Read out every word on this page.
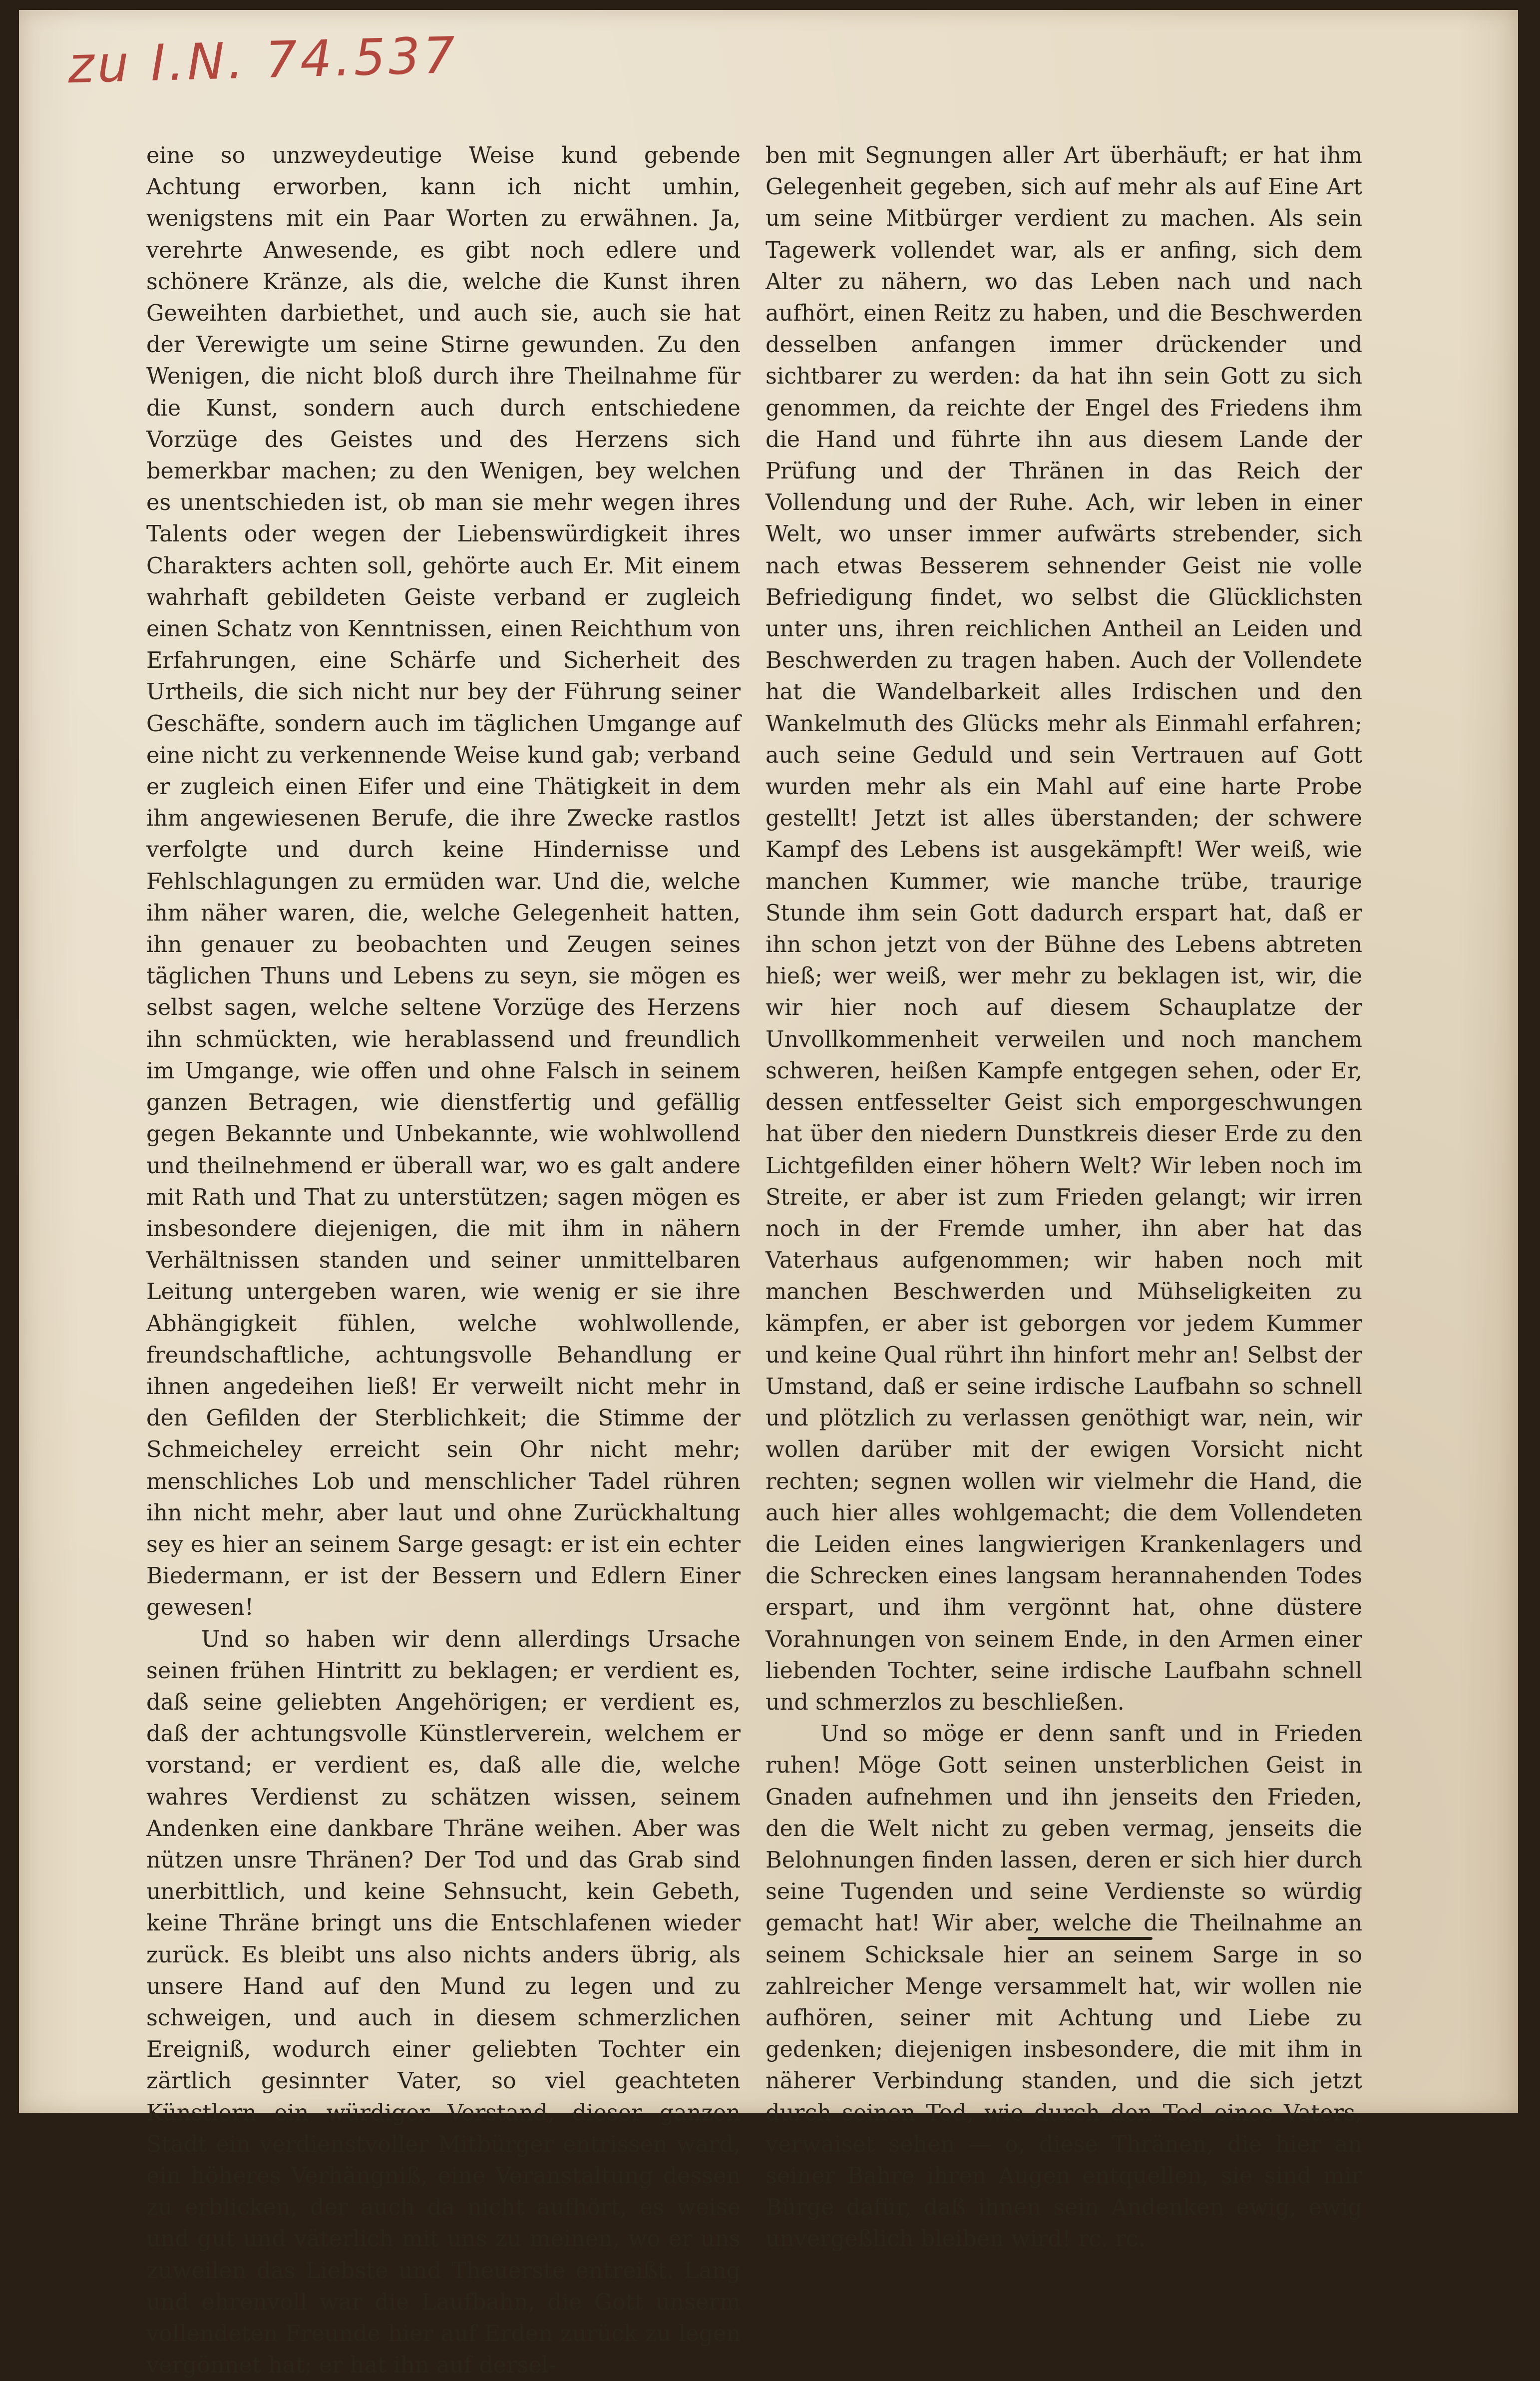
zu I.N. 74.537

eine so unzweydeutige Weise kund gebende Achtung erworben, kann ich nicht umhin, wenigstens mit ein Paar Worten zu erwähnen. Ja, verehrte Anwesende, es gibt noch edlere und schönere Kränze, als die, welche die Kunst ihren Geweihten darbiethet, und auch sie, auch sie hat der Verewigte um seine Stirne gewunden. Zu den Wenigen, die nicht bloß durch ihre Theilnahme für die Kunst, sondern auch durch entschiedene Vorzüge des Geistes und des Herzens sich bemerkbar machen; zu den Wenigen, bey welchen es unentschieden ist, ob man sie mehr wegen ihres Talents oder wegen der Liebenswürdigkeit ihres Charakters achten soll, gehörte auch Er. Mit einem wahrhaft gebildeten Geiste verband er zugleich einen Schatz von Kenntnissen, einen Reichthum von Erfahrungen, eine Schärfe und Sicherheit des Urtheils, die sich nicht nur bey der Führung seiner Geschäfte, sondern auch im täglichen Umgange auf eine nicht zu verkennende Weise kund gab; verband er zugleich einen Eifer und eine Thätigkeit in dem ihm angewiesenen Berufe, die ihre Zwecke rastlos verfolgte und durch keine Hindernisse und Fehlschlagungen zu ermüden war. Und die, welche ihm näher waren, die, welche Gelegenheit hatten, ihn genauer zu beobachten und Zeugen seines täglichen Thuns und Lebens zu seyn, sie mögen es selbst sagen, welche seltene Vorzüge des Herzens ihn schmückten, wie herablassend und freundlich im Umgange, wie offen und ohne Falsch in seinem ganzen Betragen, wie dienstfertig und gefällig gegen Bekannte und Unbekannte, wie wohlwollend und theilnehmend er überall war, wo es galt andere mit Rath und That zu unterstützen; sagen mögen es insbesondere diejenigen, die mit ihm in nähern Verhältnissen standen und seiner unmittelbaren Leitung untergeben waren, wie wenig er sie ihre Abhängigkeit fühlen, welche wohlwollende, freundschaftliche, achtungsvolle Behandlung er ihnen angedeihen ließ! Er verweilt nicht mehr in den Gefilden der Sterblichkeit; die Stimme der Schmeicheley erreicht sein Ohr nicht mehr; menschliches Lob und menschlicher Tadel rühren ihn nicht mehr, aber laut und ohne Zurückhaltung sey es hier an seinem Sarge gesagt: er ist ein echter Biedermann, er ist der Bessern und Edlern Einer gewesen!

Und so haben wir denn allerdings Ursache seinen frühen Hintritt zu beklagen; er verdient es, daß seine geliebten Angehörigen; er verdient es, daß der achtungsvolle Künstlerverein, welchem er vorstand; er verdient es, daß alle die, welche wahres Verdienst zu schätzen wissen, seinem Andenken eine dankbare Thräne weihen. Aber was nützen unsre Thränen? Der Tod und das Grab sind unerbittlich, und keine Sehnsucht, kein Gebeth, keine Thräne bringt uns die Entschlafenen wieder zurück. Es bleibt uns also nichts anders übrig, als unsere Hand auf den Mund zu legen und zu schweigen, und auch in diesem schmerzlichen Ereigniß, wodurch einer geliebten Tochter ein zärtlich gesinnter Vater, so viel geachteten Künstlern ein würdiger Vorstand, dieser ganzen Stadt ein verdienstvoller Mitbürger entrissen ward, ein höheres Verhängniß, eine Veranstaltung dessen zu erblicken, der auch da nicht aufhört, es weise und gut und väterlich mit uns zu meinen, wo er uns zuweilen das Liebste und Theuerste entreißt. Lang und ehrenvoll war die Laufbahn, die Gott unserm vollendeten Freunde hier auf Erden zurück zu legen vergönnet hat; er hat ihn auf dersel-

ben mit Segnungen aller Art überhäuft; er hat ihm Gelegenheit gegeben, sich auf mehr als auf Eine Art um seine Mitbürger verdient zu machen. Als sein Tagewerk vollendet war, als er anfing, sich dem Alter zu nähern, wo das Leben nach und nach aufhört, einen Reitz zu haben, und die Beschwerden desselben anfangen immer drückender und sichtbarer zu werden: da hat ihn sein Gott zu sich genommen, da reichte der Engel des Friedens ihm die Hand und führte ihn aus diesem Lande der Prüfung und der Thränen in das Reich der Vollendung und der Ruhe. Ach, wir leben in einer Welt, wo unser immer aufwärts strebender, sich nach etwas Besserem sehnender Geist nie volle Befriedigung findet, wo selbst die Glücklichsten unter uns, ihren reichlichen Antheil an Leiden und Beschwerden zu tragen haben. Auch der Vollendete hat die Wandelbarkeit alles Irdischen und den Wankelmuth des Glücks mehr als Einmahl erfahren; auch seine Geduld und sein Vertrauen auf Gott wurden mehr als ein Mahl auf eine harte Probe gestellt! Jetzt ist alles überstanden; der schwere Kampf des Lebens ist ausgekämpft! Wer weiß, wie manchen Kummer, wie manche trübe, traurige Stunde ihm sein Gott dadurch erspart hat, daß er ihn schon jetzt von der Bühne des Lebens abtreten hieß; wer weiß, wer mehr zu beklagen ist, wir, die wir hier noch auf diesem Schauplatze der Unvollkommenheit verweilen und noch manchem schweren, heißen Kampfe entgegen sehen, oder Er, dessen entfesselter Geist sich emporgeschwungen hat über den niedern Dunstkreis dieser Erde zu den Lichtgefilden einer höhern Welt? Wir leben noch im Streite, er aber ist zum Frieden gelangt; wir irren noch in der Fremde umher, ihn aber hat das Vaterhaus aufgenommen; wir haben noch mit manchen Beschwerden und Mühseligkeiten zu kämpfen, er aber ist geborgen vor jedem Kummer und keine Qual rührt ihn hinfort mehr an! Selbst der Umstand, daß er seine irdische Laufbahn so schnell und plötzlich zu verlassen genöthigt war, nein, wir wollen darüber mit der ewigen Vorsicht nicht rechten; segnen wollen wir vielmehr die Hand, die auch hier alles wohlgemacht; die dem Vollendeten die Leiden eines langwierigen Krankenlagers und die Schrecken eines langsam herannahenden Todes erspart, und ihm vergönnt hat, ohne düstere Vorahnungen von seinem Ende, in den Armen einer liebenden Tochter, seine irdische Laufbahn schnell und schmerzlos zu beschließen.

Und so möge er denn sanft und in Frieden ruhen! Möge Gott seinen unsterblichen Geist in Gnaden aufnehmen und ihn jenseits den Frieden, den die Welt nicht zu geben vermag, jenseits die Belohnungen finden lassen, deren er sich hier durch seine Tugenden und seine Verdienste so würdig gemacht hat! Wir aber, welche die Theilnahme an seinem Schicksale hier an seinem Sarge in so zahlreicher Menge versammelt hat, wir wollen nie aufhören, seiner mit Achtung und Liebe zu gedenken; diejenigen insbesondere, die mit ihm in näherer Verbindung standen, und die sich jetzt durch seinen Tod, wie durch den Tod eines Vaters, verwaiset sehen — o, diese Thränen, die hier an seiner Bahre ihren Augen entquellen, sie sind mir Bürge dafür, daß ihnen sein Andenken ewig, ewig unvergeßlich bleiben wird! rc. rc.
